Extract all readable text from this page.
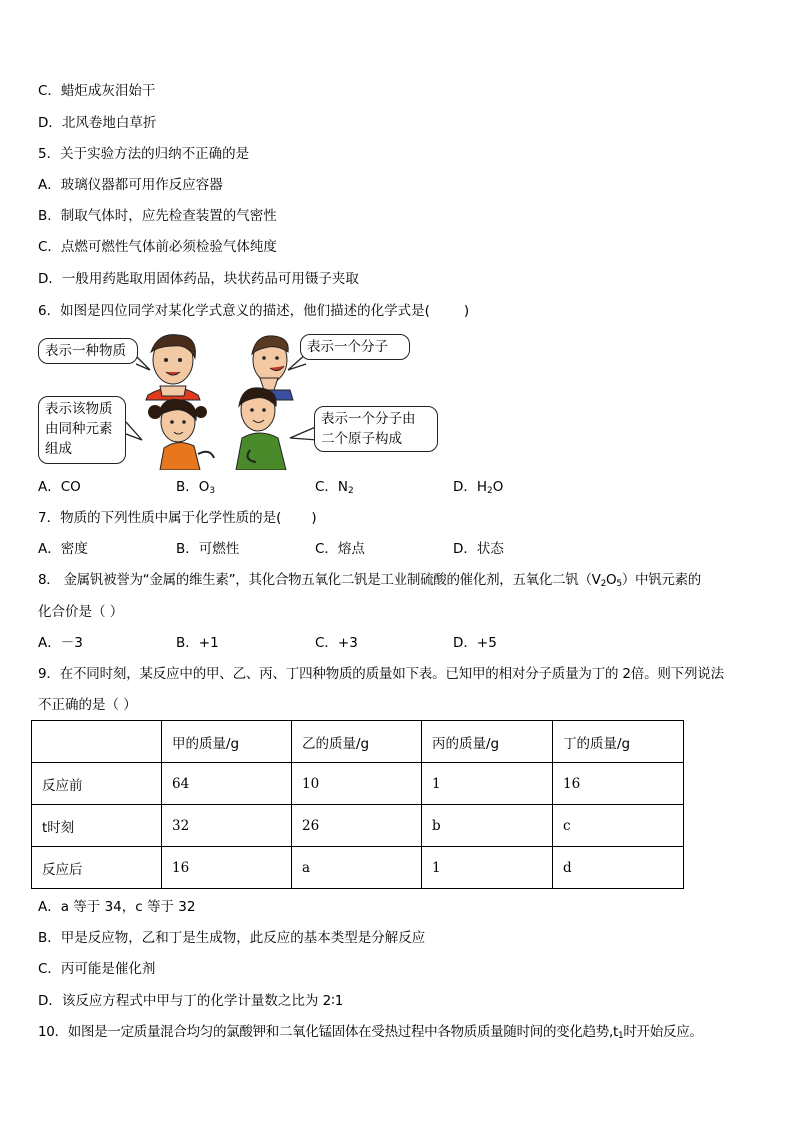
C．蜡炬成灰泪始干
D．北风卷地白草折
5．关于实验方法的归纳不正确的是
A．玻璃仪器都可用作反应容器
B．制取气体时，应先检查装置的气密性
C．点燃可燃性气体前必须检验气体纯度
D．一般用药匙取用固体药品，块状药品可用镊子夹取
6．如图是四位同学对某化学式意义的描述，他们描述的化学式是(	)
表示一种物质	表示一个分子
表示该物质
由同种元素
组成
表示一个分子由
二个原子构成
A．CO	B．$O_3$	C．$N_2$	D．$H_2O$
7．物质的下列性质中属于化学性质的是( )
A．密度	B．可燃性	C．熔点	D．状态
8． 金属钒被誉为“金属的维生素”，其化合物五氧化二钒是工业制硫酸的催化剂，五氧化二钒$(V_2O_5)$中钒元素的
化合价是（ ）
A．－3	B．+1	C．+3	D．+5
9．在不同时刻，某反应中的甲、乙、丙、丁四种物质的质量如下表。已知甲的相对分子质量为丁的 2倍。则下列说法
不正确的是（ ）
	甲的质量/g	乙的质量/g	丙的质量/g	丁的质量/g
反应前	64	10	1	16
t时刻	32	26	b	c
反应后	16	a	1	d
A．a 等于 34，c 等于 32
B．甲是反应物，乙和丁是生成物，此反应的基本类型是分解反应
C．丙可能是催化剂
D．该反应方程式中甲与丁的化学计量数之比为 2∶1
10．如图是一定质量混合均匀的氯酸钾和二氧化锰固体在受热过程中各物质质量随时间的变化趋势$,t_1$时开始反应。
